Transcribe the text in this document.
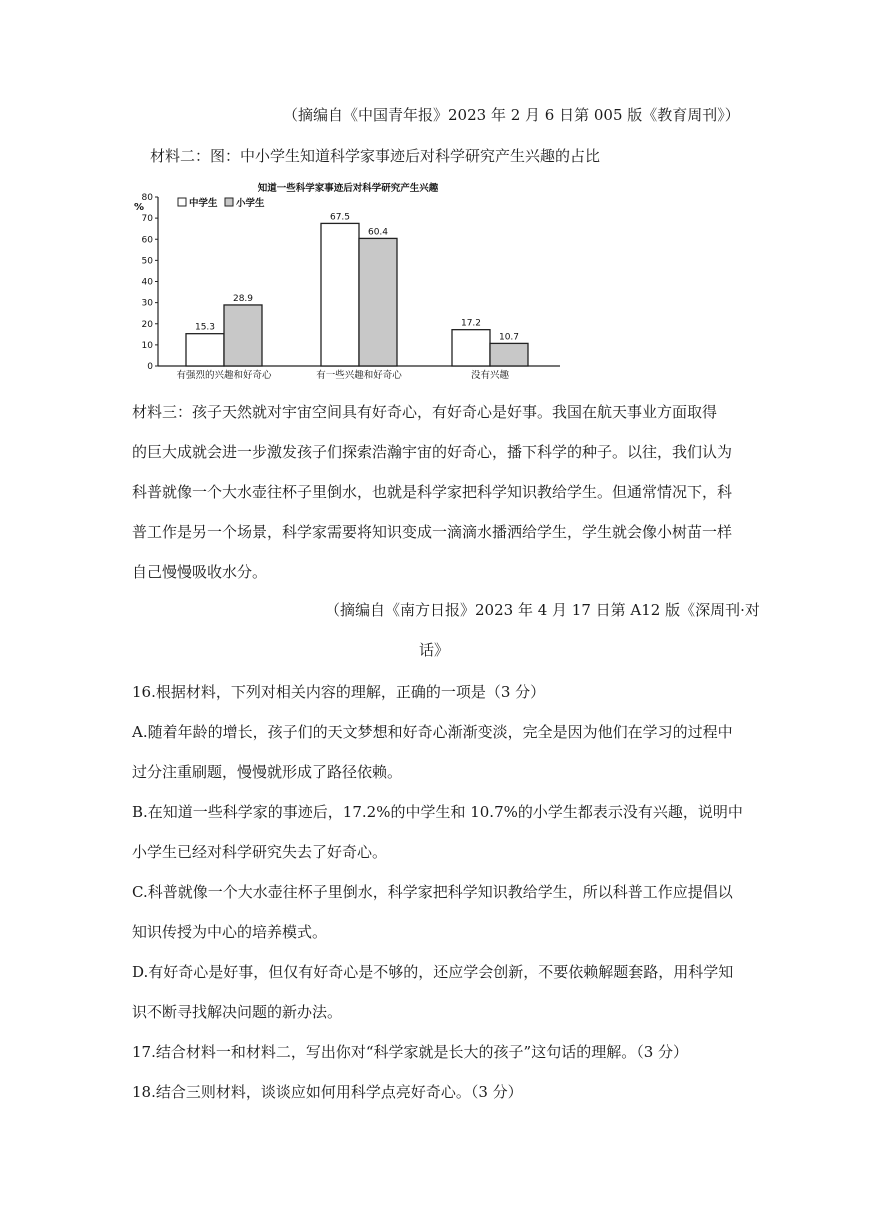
（摘编自《中国青年报》2023 年 2 月 6 日第 005 版《教育周刊》）
材料二：图：中小学生知道科学家事迹后对科学研究产生兴趣的占比
知道一些科学家事迹后对科学研究产生兴趣
%	中学生 小学生
0
10
20
30
40
50
60
70
80
15.3
28.9
67.5
60.4
17.2
10.7
有强烈的兴趣和好奇心	有一些兴趣和好奇心	没有兴趣
材料三：孩子天然就对宇宙空间具有好奇心，有好奇心是好事。我国在航天事业方面取得
的巨大成就会进一步激发孩子们探索浩瀚宇宙的好奇心，播下科学的种子。以往，我们认为
科普就像一个大水壶往杯子里倒水，也就是科学家把科学知识教给学生。但通常情况下，科
普工作是另一个场景，科学家需要将知识变成一滴滴水播洒给学生，学生就会像小树苗一样
自己慢慢吸收水分。
（摘编自《南方日报》2023 年 4 月 17 日第 A12 版《深周刊·对
话》
16.根据材料，下列对相关内容的理解，正确的一项是（3 分）
A.随着年龄的增长，孩子们的天文梦想和好奇心渐渐变淡，完全是因为他们在学习的过程中
过分注重刷题，慢慢就形成了路径依赖。
B.在知道一些科学家的事迹后，17.2%的中学生和 10.7%的小学生都表示没有兴趣，说明中
小学生已经对科学研究失去了好奇心。
C.科普就像一个大水壶往杯子里倒水，科学家把科学知识教给学生，所以科普工作应提倡以
知识传授为中心的培养模式。
D.有好奇心是好事，但仅有好奇心是不够的，还应学会创新，不要依赖解题套路，用科学知
识不断寻找解决问题的新办法。
17.结合材料一和材料二，写出你对“科学家就是长大的孩子”这句话的理解。（3 分）
18.结合三则材料，谈谈应如何用科学点亮好奇心。（3 分）
